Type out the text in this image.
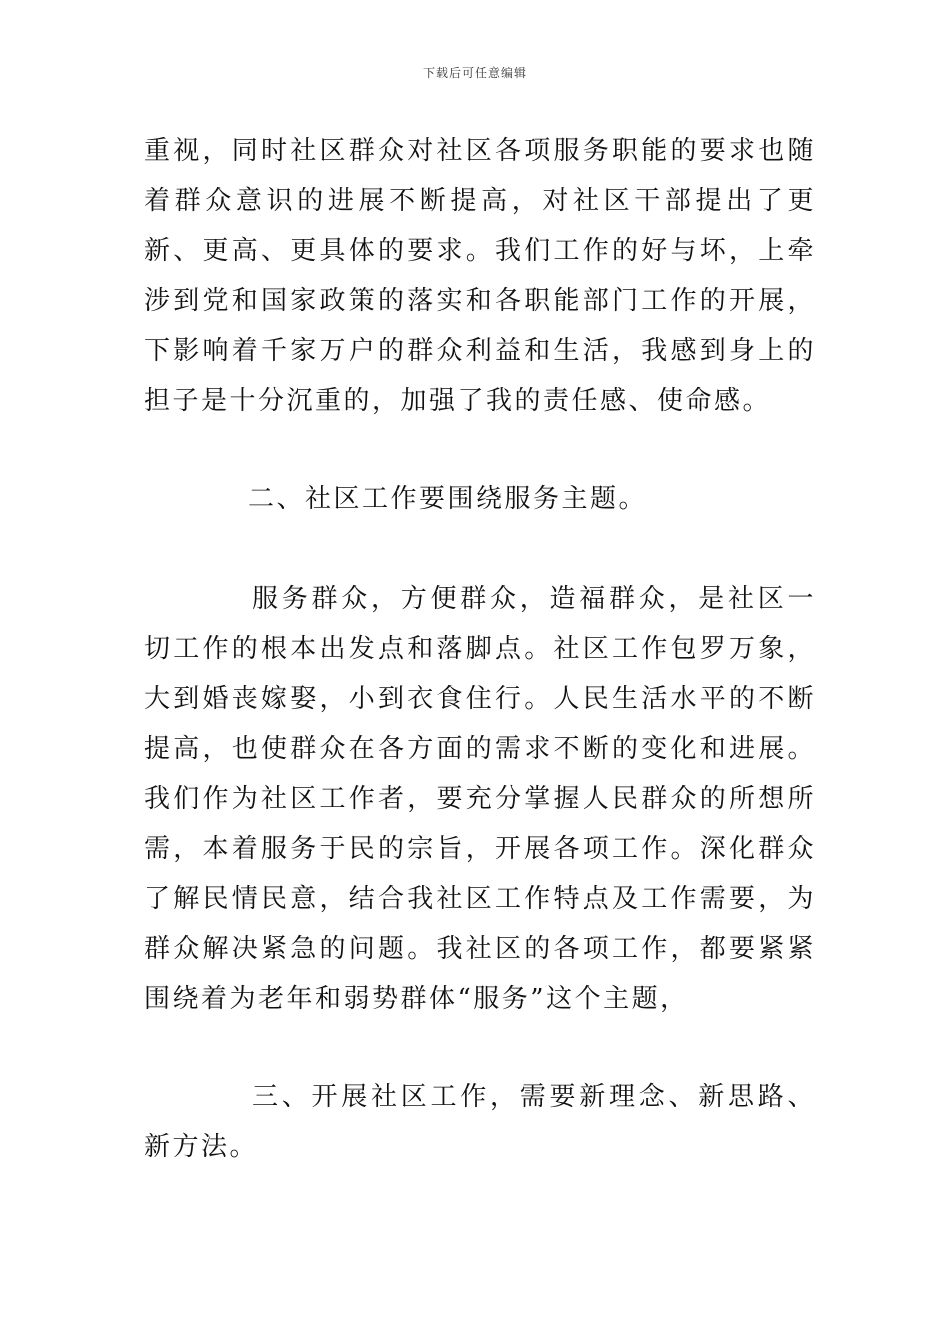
下载后可任意编辑

重视，同时社区群众对社区各项服务职能的要求也随着群众意识的进展不断提高，对社区干部提出了更新、更高、更具体的要求。我们工作的好与坏，上牵涉到党和国家政策的落实和各职能部门工作的开展，下影响着千家万户的群众利益和生活，我感到身上的担子是十分沉重的，加强了我的责任感、使命感。

二、社区工作要围绕服务主题。

服务群众，方便群众，造福群众，是社区一切工作的根本出发点和落脚点。社区工作包罗万象，大到婚丧嫁娶，小到衣食住行。人民生活水平的不断提高，也使群众在各方面的需求不断的变化和进展。我们作为社区工作者，要充分掌握人民群众的所想所需，本着服务于民的宗旨，开展各项工作。深化群众了解民情民意，结合我社区工作特点及工作需要，为群众解决紧急的问题。我社区的各项工作，都要紧紧围绕着为老年和弱势群体“服务”这个主题，

三、开展社区工作，需要新理念、新思路、新方法。
